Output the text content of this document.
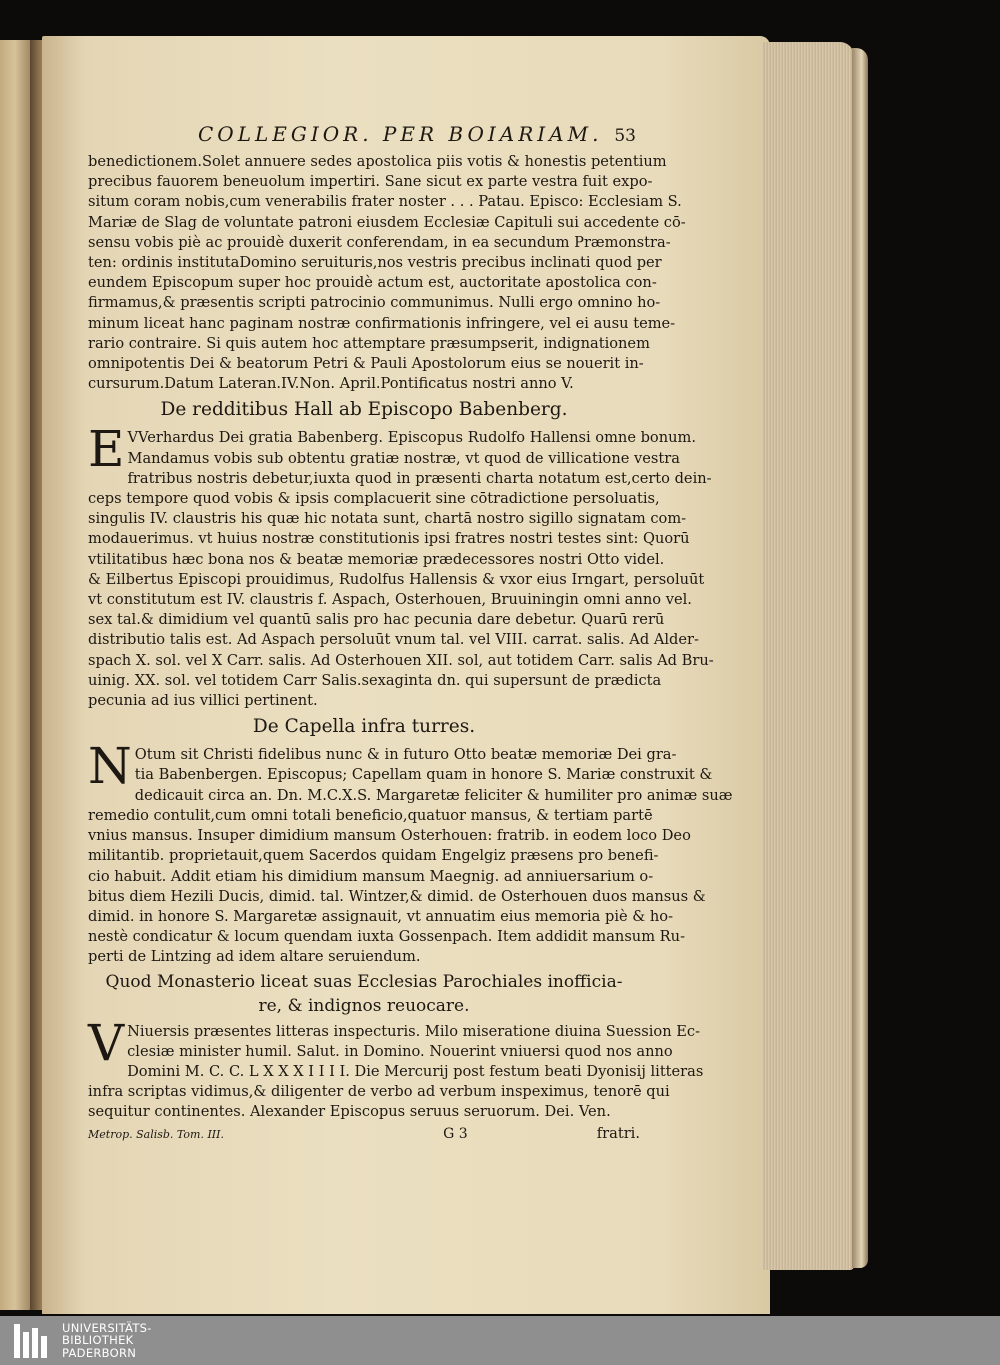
COLLEGIOR. PER BOIARIAM. 53
benedictionem.Solet annuere sedes apostolica piis votis & honestis petentium
precibus fauorem beneuolum impertiri. Sane sicut ex parte vestra fuit expo-
situm coram nobis,cum venerabilis frater noster . . . Patau. Episco: Ecclesiam S.
Mariæ de Slag de voluntate patroni eiusdem Ecclesiæ Capituli sui accedente cō-
sensu vobis piè ac prouidè duxerit conferendam, in ea secundum Præmonstra-
ten: ordinis institutaDomino seruituris,nos vestris precibus inclinati quod per
eundem Episcopum super hoc prouidè actum est, auctoritate apostolica con-
firmamus,& præsentis scripti patrocinio communimus. Nulli ergo omnino ho-
minum liceat hanc paginam nostræ confirmationis infringere, vel ei ausu teme-
rario contraire. Si quis autem hoc attemptare præsumpserit, indignationem
omnipotentis Dei & beatorum Petri & Pauli Apostolorum eius se nouerit in-
cursurum.Datum Lateran.IV.Non. April.Pontificatus nostri anno V.
De redditibus Hall ab Episcopo Babenberg.
E VVerhardus Dei gratia Babenberg. Episcopus Rudolfo Hallensi omne bonum.
Mandamus vobis sub obtentu gratiæ nostræ, vt quod de villicatione vestra
fratribus nostris debetur,iuxta quod in præsenti charta notatum est,certo dein-
ceps tempore quod vobis & ipsis complacuerit sine cōtradictione persoluatis,
singulis IV. claustris his quæ hic notata sunt, chartā nostro sigillo signatam com-
modauerimus. vt huius nostræ constitutionis ipsi fratres nostri testes sint: Quorū
vtilitatibus hæc bona nos & beatæ memoriæ prædecessores nostri Otto videl.
& Eilbertus Episcopi prouidimus, Rudolfus Hallensis & vxor eius Irngart, persoluūt
vt constitutum est IV. claustris f. Aspach, Osterhouen, Bruuiningin omni anno vel.
sex tal.& dimidium vel quantū salis pro hac pecunia dare debetur. Quarū rerū
distributio talis est. Ad Aspach persoluūt vnum tal. vel VIII. carrat. salis. Ad Alder-
spach X. sol. vel X Carr. salis. Ad Osterhouen XII. sol, aut totidem Carr. salis Ad Bru-
uinig. XX. sol. vel totidem Carr Salis.sexaginta dn. qui supersunt de prædicta
pecunia ad ius villici pertinent.
De Capella infra turres.
N Otum sit Christi fidelibus nunc & in futuro Otto beatæ memoriæ Dei gra-
tia Babenbergen. Episcopus; Capellam quam in honore S. Mariæ construxit &
dedicauit circa an. Dn. M.C.X.S. Margaretæ feliciter & humiliter pro animæ suæ
remedio contulit,cum omni totali beneficio,quatuor mansus, & tertiam partē
vnius mansus. Insuper dimidium mansum Osterhouen: fratrib. in eodem loco Deo
militantib. proprietauit,quem Sacerdos quidam Engelgiz præsens pro benefi-
cio habuit. Addit etiam his dimidium mansum Maegnig. ad anniuersarium o-
bitus diem Hezili Ducis, dimid. tal. Wintzer,& dimid. de Osterhouen duos mansus &
dimid. in honore S. Margaretæ assignauit, vt annuatim eius memoria piè & ho-
nestè condicatur & locum quendam iuxta Gossenpach. Item addidit mansum Ru-
perti de Lintzing ad idem altare seruiendum.
Quod Monasterio liceat suas Ecclesias Parochiales inofficia-
re, & indignos reuocare.
V Niuersis præsentes litteras inspecturis. Milo miseratione diuina Suession Ec-
clesiæ minister humil. Salut. in Domino. Nouerint vniuersi quod nos anno
Domini M. C. C. L X X X I I I I. Die Mercurij post festum beati Dyonisij litteras
infra scriptas vidimus,& diligenter de verbo ad verbum inspeximus, tenorē qui
sequitur continentes. Alexander Episcopus seruus seruorum. Dei. Ven.
Metrop. Salisb. Tom. III.	G 3	fratri.
UNIVERSITÄTS-
BIBLIOTHEK
PADERBORN
